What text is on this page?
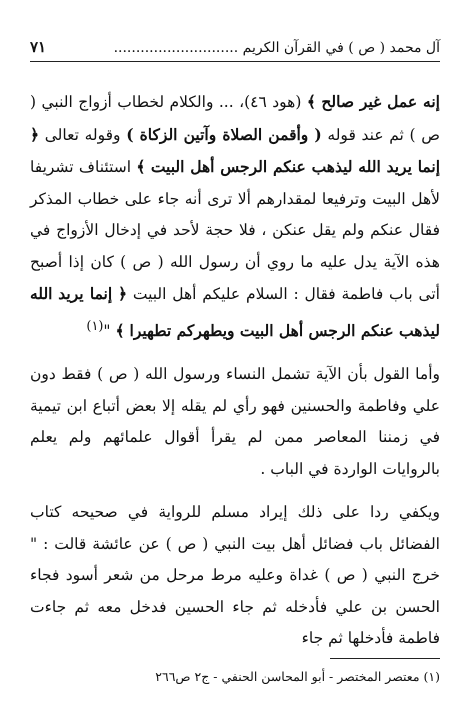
آل محمد ( ص ) في القرآن الكريم ............................
٧١

إنه عمل غير صالح ﴾ (هود ٤٦)، ... والكلام لخطاب أزواج النبي ( ص ) ثم عند قوله ( وأقمن الصلاة وآتين الزكاة ) وقوله تعالى ﴿ إنما يريد الله ليذهب عنكم الرجس أهل البيت ﴾ استئناف تشريفا لأهل البيت وترفيعا لمقدارهم ألا ترى أنه جاء على خطاب المذكر فقال عنكم ولم يقل عنكن ، فلا حجة لأحد في إدخال الأزواج في هذه الآية يدل عليه ما روي أن رسول الله ( ص ) كان إذا أصبح أتى باب فاطمة فقال : السلام عليكم أهل البيت ﴿ إنما يريد الله ليذهب عنكم الرجس أهل البيت ويطهركم تطهيرا ﴾ "$^{(١)}$

وأما القول بأن الآية تشمل النساء ورسول الله ( ص ) فقط دون علي وفاطمة والحسنين فهو رأي لم يقله إلا بعض أتباع ابن تيمية في زمننا المعاصر ممن لم يقرأ أقوال علمائهم ولم يعلم بالروايات الواردة في الباب .

ويكفي ردا على ذلك إيراد مسلم للرواية في صحيحه كتاب الفضائل باب فضائل أهل بيت النبي ( ص ) عن عائشة قالت : " خرج النبي ( ص ) غداة وعليه مرط مرحل من شعر أسود فجاء الحسن بن علي فأدخله ثم جاء الحسين فدخل معه ثم جاءت فاطمة فأدخلها ثم جاء

(١) معتصر المختصر - أبو المحاسن الحنفي - ج٢ ص٢٦٦
